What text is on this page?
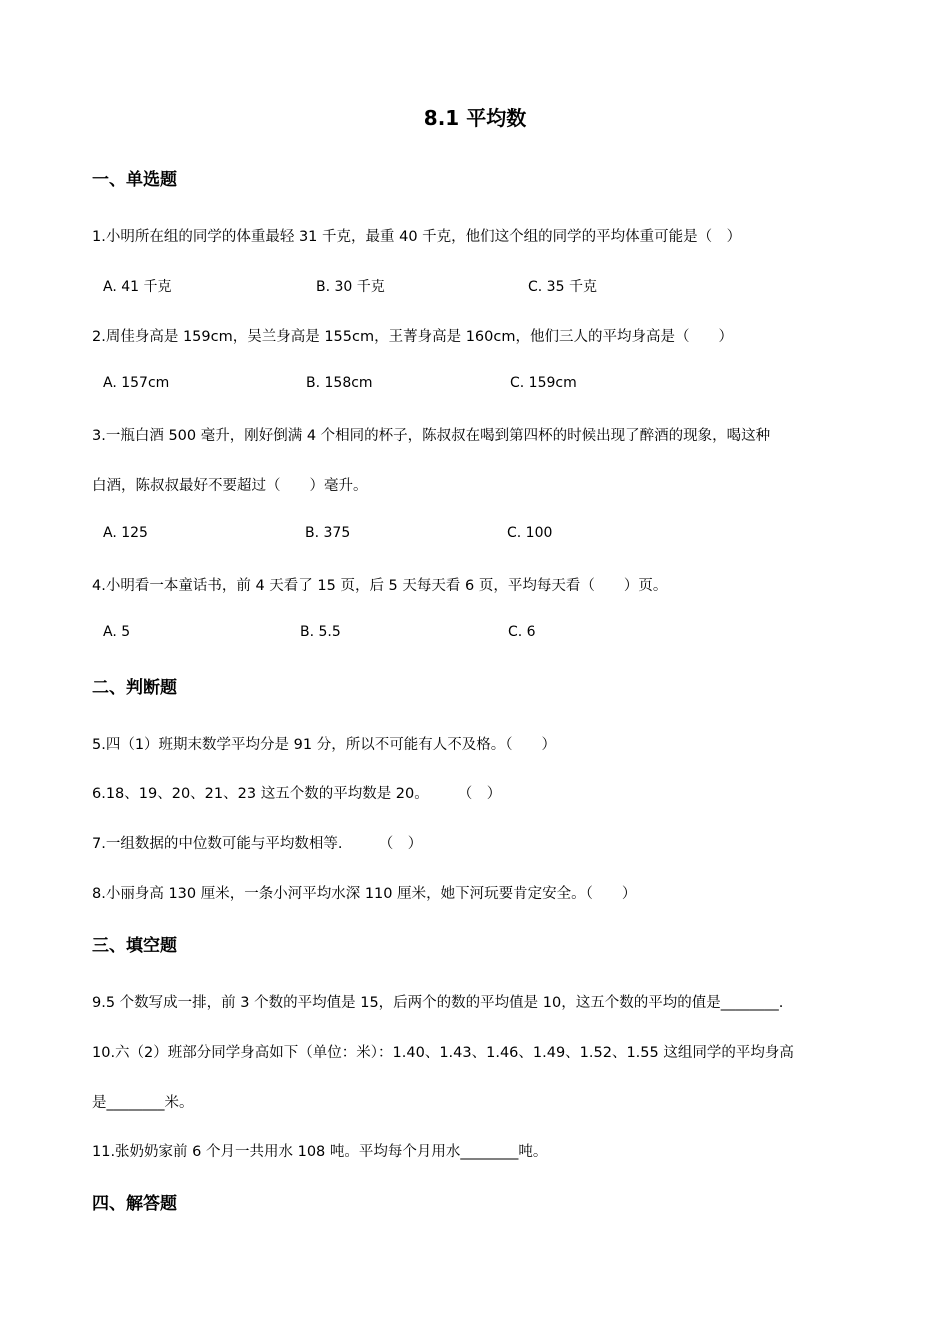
8.1 平均数
一、单选题
1.小明所在组的同学的体重最轻 31 千克，最重 40 千克，他们这个组的同学的平均体重可能是（　）
A. 41 千克	B. 30 千克	C. 35 千克
2.周佳身高是 159cm，吴兰身高是 155cm，王菁身高是 160cm，他们三人的平均身高是（　　）
A. 157cm	B. 158cm	C. 159cm
3.一瓶白酒 500 毫升，刚好倒满 4 个相同的杯子，陈叔叔在喝到第四杯的时候出现了醉酒的现象，喝这种
白酒，陈叔叔最好不要超过（　　）毫升。
A. 125	B. 375	C. 100
4.小明看一本童话书，前 4 天看了 15 页，后 5 天每天看 6 页，平均每天看（　　）页。
A. 5	B. 5.5	C. 6
二、判断题
5.四（1）班期末数学平均分是 91 分，所以不可能有人不及格。（　　）
6.18、19、20、21、23 这五个数的平均数是 20。　　　（　）
7.一组数据的中位数可能与平均数相等.　　　（　）
8.小丽身高 130 厘米，一条小河平均水深 110 厘米，她下河玩要肯定安全。（　　）
三、填空题
9.5 个数写成一排，前 3 个数的平均值是 15，后两个的数的平均值是 10，这五个数的平均的值是________.
10.六（2）班部分同学身高如下（单位：米）：1.40、1.43、1.46、1.49、1.52、1.55 这组同学的平均身高
是________米。
11.张奶奶家前 6 个月一共用水 108 吨。平均每个月用水________吨。
四、解答题
